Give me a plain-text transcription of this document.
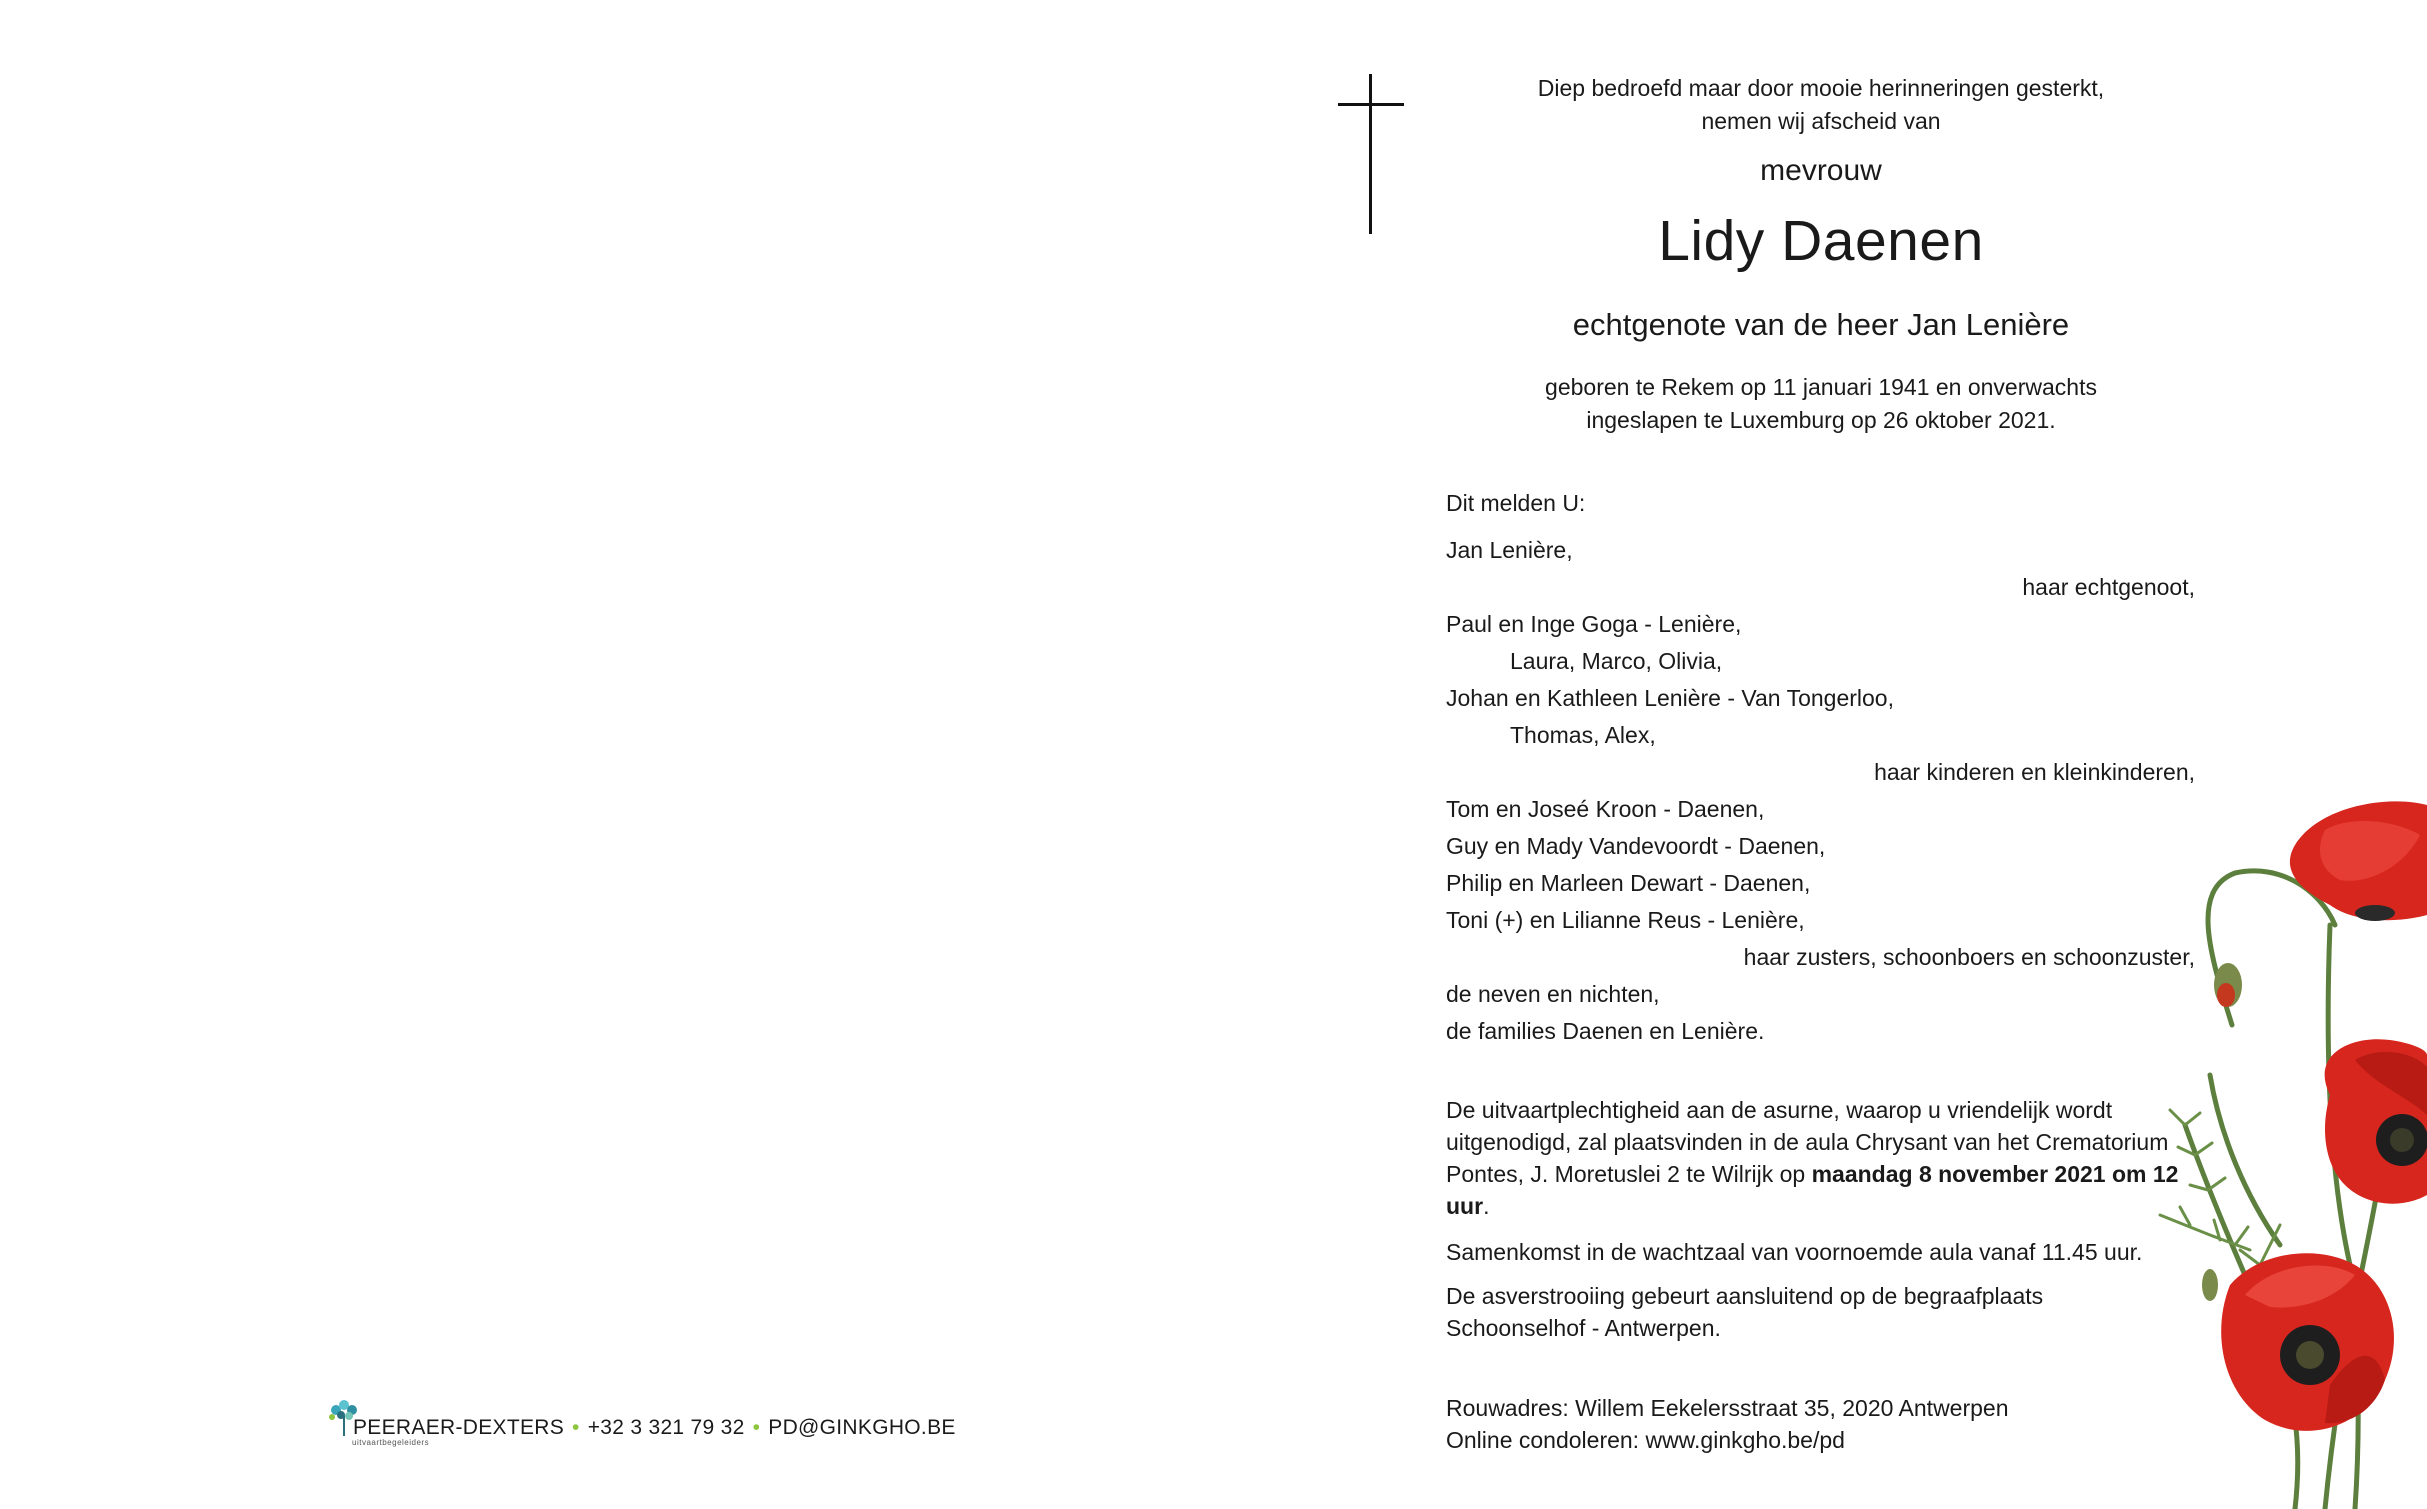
Diep bedroefd maar door mooie herinneringen gesterkt,
nemen wij afscheid van
mevrouw
Lidy Daenen
echtgenote van de heer Jan Lenière
geboren te Rekem op 11 januari 1941 en onverwachts
ingeslapen te Luxemburg op 26 oktober 2021.
Dit melden U:
Jan Lenière,
haar echtgenoot,
Paul en Inge Goga - Lenière,
Laura, Marco, Olivia,
Johan en Kathleen Lenière - Van Tongerloo,
Thomas, Alex,
haar kinderen en kleinkinderen,
Tom en Joseé Kroon - Daenen,
Guy en Mady Vandevoordt - Daenen,
Philip en Marleen Dewart - Daenen,
Toni (+) en Lilianne Reus - Lenière,
haar zusters, schoonboers en schoonzuster,
de neven en nichten,
de families Daenen en Lenière.
De uitvaartplechtigheid aan de asurne, waarop u vriendelijk wordt uitgenodigd, zal plaatsvinden in de aula Chrysant van het Crematorium Pontes, J. Moretuslei 2 te Wilrijk op maandag 8 november 2021 om 12 uur.
Samenkomst in de wachtzaal van voornoemde aula vanaf 11.45 uur.
De asverstrooiing gebeurt aansluitend op de begraafplaats Schoonselhof - Antwerpen.
Rouwadres: Willem Eekelersstraat 35, 2020 Antwerpen
Online condoleren: www.ginkgho.be/pd
PEERAER-DEXTERS • +32 3 321 79 32 • PD@GINKGHO.BE
uitvaartbegeleiders
